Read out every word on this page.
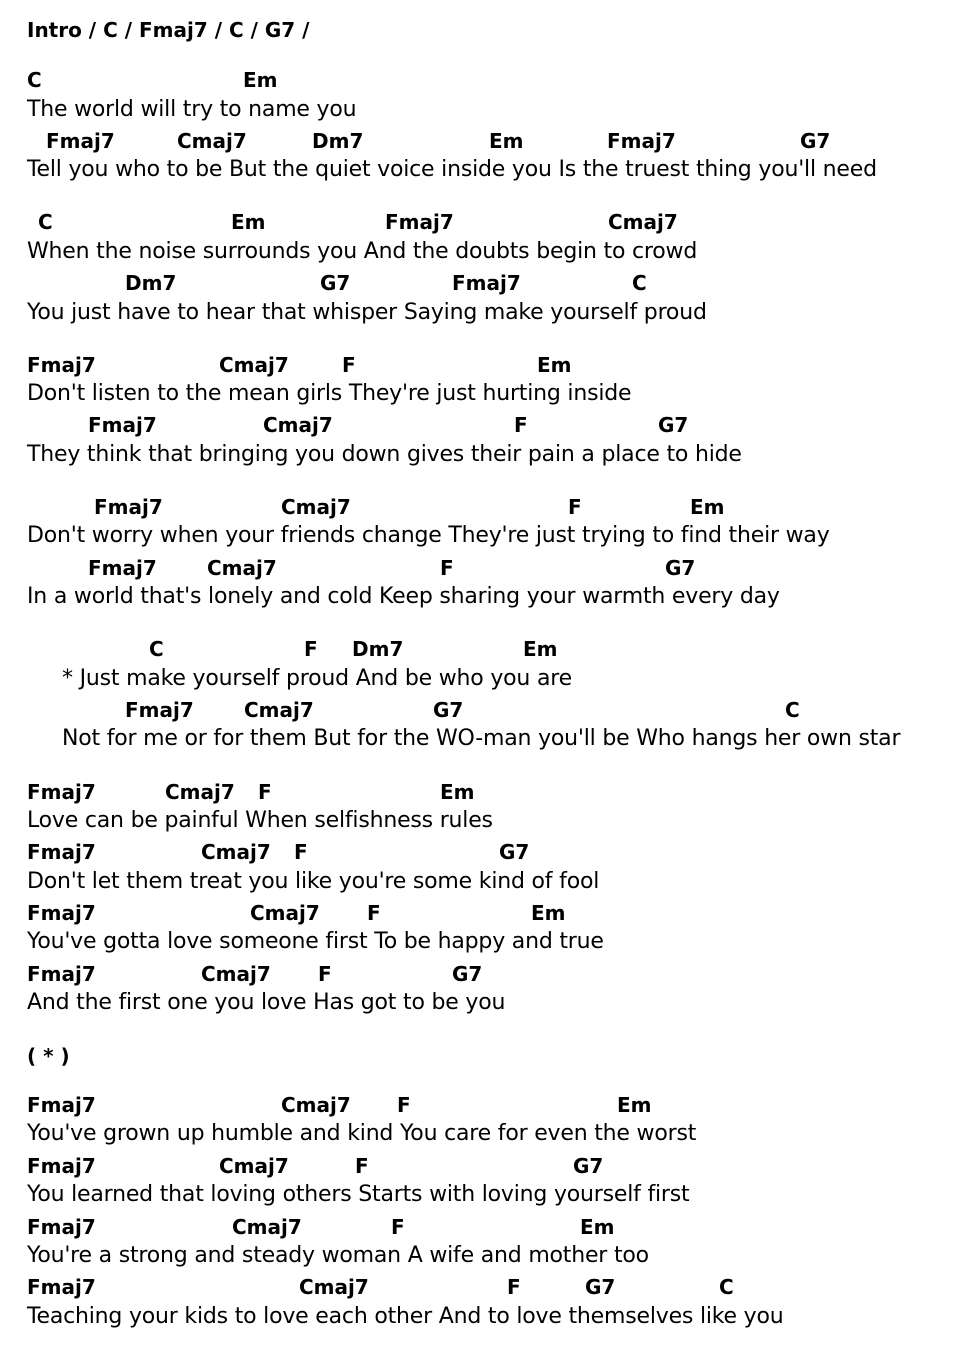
Intro / C / Fmaj7 / C / G7 /
C	Em
The world will try to name you
Fmaj7	Cmaj7	Dm7	Em	Fmaj7	G7
Tell you who to be But the quiet voice inside you Is the truest thing you'll need
C	Em	Fmaj7	Cmaj7
When the noise surrounds you And the doubts begin to crowd
Dm7	G7	Fmaj7	C
You just have to hear that whisper Saying make yourself proud
Fmaj7	Cmaj7	F	Em
Don't listen to the mean girls They're just hurting inside
Fmaj7	Cmaj7	F	G7
They think that bringing you down gives their pain a place to hide
Fmaj7	Cmaj7	F	Em
Don't worry when your friends change They're just trying to find their way
Fmaj7	Cmaj7	F	G7
In a world that's lonely and cold Keep sharing your warmth every day
C	F Dm7	Em
* Just make yourself proud And be who you are
Fmaj7	Cmaj7	G7	C
Not for me or for them But for the WO-man you'll be Who hangs her own star
Fmaj7	Cmaj7 F	Em
Love can be painful When selfishness rules
Fmaj7	Cmaj7 F	G7
Don't let them treat you like you're some kind of fool
Fmaj7	Cmaj7 F	Em
You've gotta love someone first To be happy and true
Fmaj7	Cmaj7 F	G7
And the first one you love Has got to be you
( * )
Fmaj7	Cmaj7 F	Em
You've grown up humble and kind You care for even the worst
Fmaj7	Cmaj7	F	G7
You learned that loving others Starts with loving yourself first
Fmaj7	Cmaj7	F	Em
You're a strong and steady woman A wife and mother too
Fmaj7	Cmaj7	F	G7	C
Teaching your kids to love each other And to love themselves like you
